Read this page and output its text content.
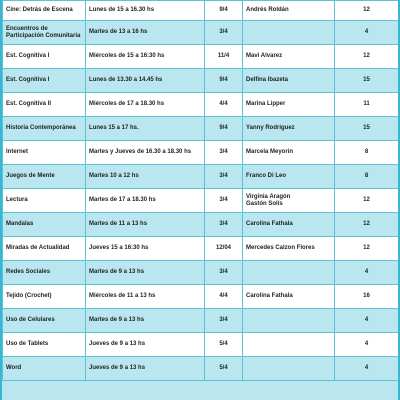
Cine: Detrás de Escena	Lunes de 15 a 16.30 hs	9/4	Andrés Roldán	12
Encuentros de
Participación Comunitaria	Martes de 13 a 16 hs	3/4		4
Est. Cognitiva I	Miércoles de 15 a 16:30 hs	11/4	Mavi Alvarez	12
Est. Cognitiva I	Lunes de 13.30 a 14.45 hs	9/4	Delfina Ibazeta	15
Est. Cognitiva II	Miércoles de 17 a 18.30 hs	4/4	Marina Lipper	11
Historia Contemporánea	Lunes 15 a 17 hs.	9/4	Yanny Rodriguez	15
Internet	Martes y Jueves de 16.30 a 18.30 hs	3/4	Marcela Meyorin	8
Juegos de Mente	Martes 10 a 12 hs	3/4	Franco Di Leo	8
Lectura	Martes de 17 a 18.30 hs	3/4	Virginia Aragón
Gastón Solís	12
Mandalas	Martes de 11 a 13 hs	3/4	Carolina Fathala	12
Miradas de Actualidad	Jueves 15 a 16:30 hs	12/04	Mercedes Calzon Flores	12
Redes Sociales	Martes de 9 a 13 hs	3/4		4
Tejido (Crochet)	Miércoles de 11 a 13 hs	4/4	Carolina Fathala	16
Uso de Celulares	Martes de 9 a 13 hs	3/4		4
Uso de Tablets	Jueves de 9 a 13 hs	5/4		4
Word	Jueves de 9 a 13 hs	5/4		4
